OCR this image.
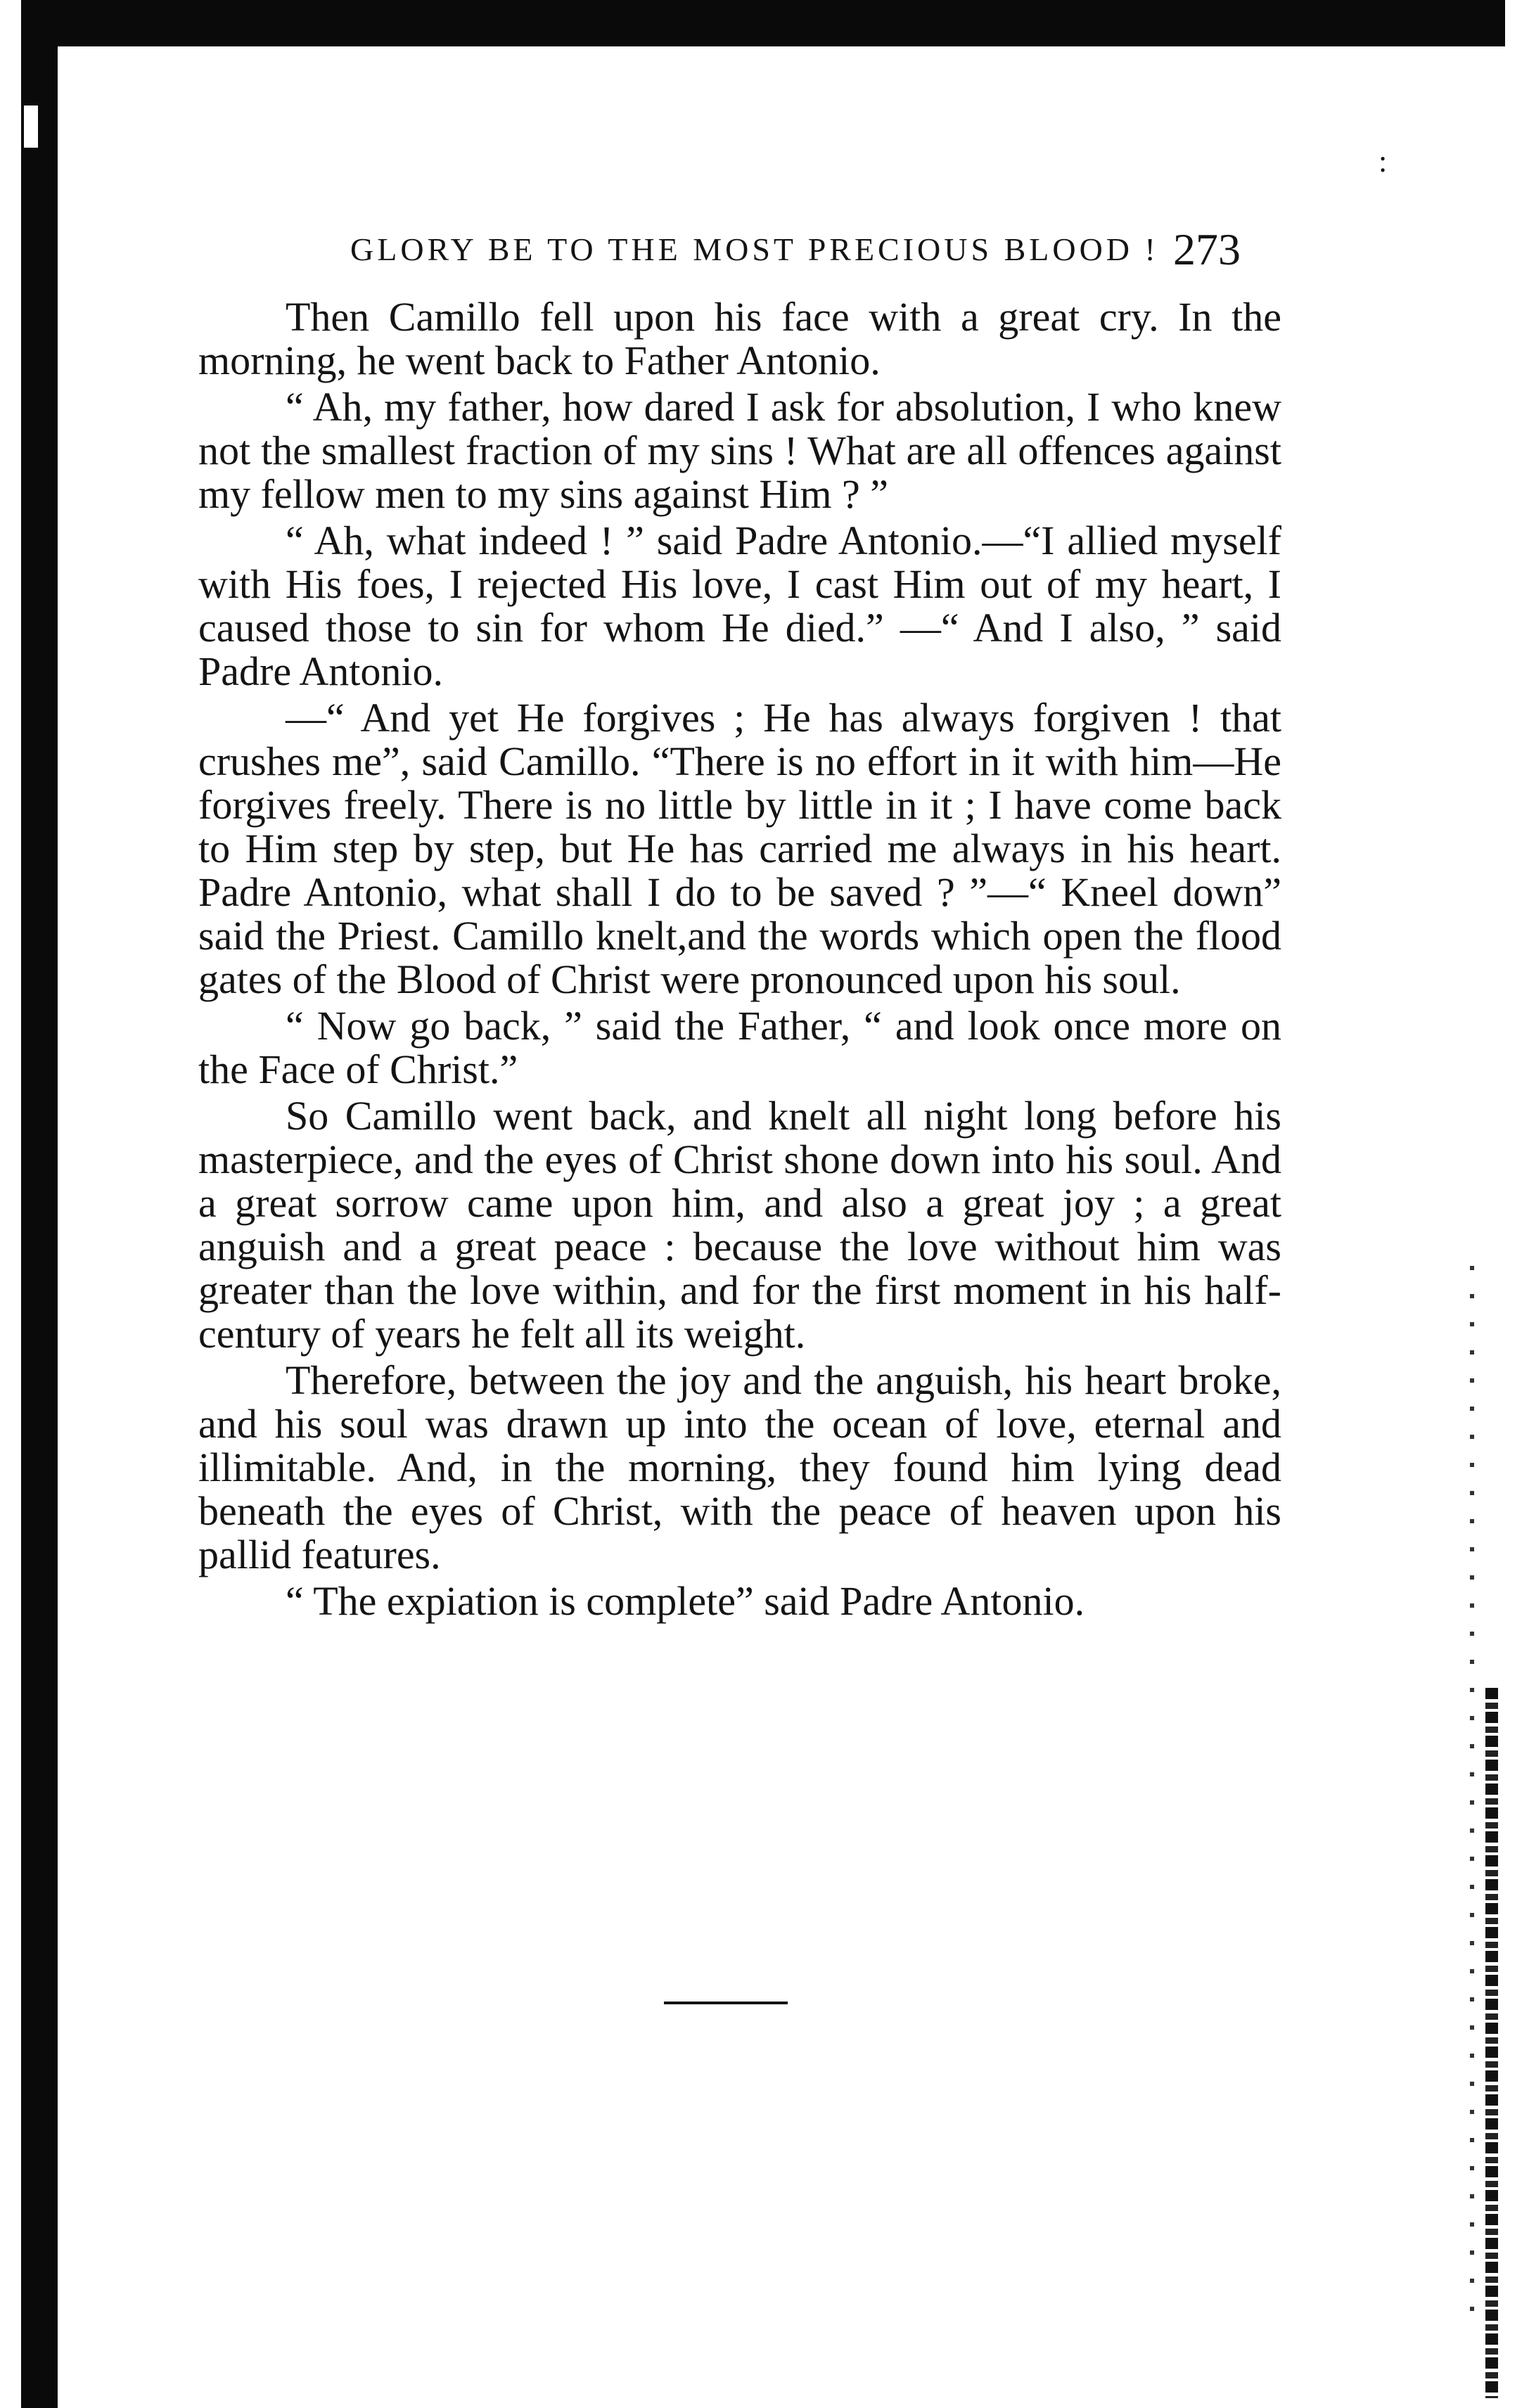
:
GLORY BE TO THE MOST PRECIOUS BLOOD ! 273

Then Camillo fell upon his face with a great cry. In the morning, he went back to Father Antonio.

“ Ah, my father, how dared I ask for absolution, I who knew not the smallest fraction of my sins ! What are all offences against my fellow men to my sins against Him ? ”

“ Ah, what indeed ! ” said Padre Antonio.—“I allied myself with His foes, I rejected His love, I cast Him out of my heart, I caused those to sin for whom He died.” —“ And I also, ” said Padre Antonio.

—“ And yet He forgives ; He has always forgiven ! that crushes me”, said Camillo. “There is no effort in it with him—He forgives freely. There is no little by little in it ; I have come back to Him step by step, but He has carried me always in his heart. Padre Antonio, what shall I do to be saved ? ”—“ Kneel down” said the Priest. Camillo knelt,and the words which open the flood gates of the Blood of Christ were pronounced upon his soul.

“ Now go back, ” said the Father, “ and look once more on the Face of Christ.”

So Camillo went back, and knelt all night long before his masterpiece, and the eyes of Christ shone down into his soul. And a great sorrow came upon him, and also a great joy ; a great anguish and a great peace : because the love without him was greater than the love within, and for the first moment in his half-century of years he felt all its weight.

Therefore, between the joy and the anguish, his heart broke, and his soul was drawn up into the ocean of love, eternal and illimitable. And, in the morning, they found him lying dead beneath the eyes of Christ, with the peace of heaven upon his pallid features.

“ The expiation is complete” said Padre Antonio.
